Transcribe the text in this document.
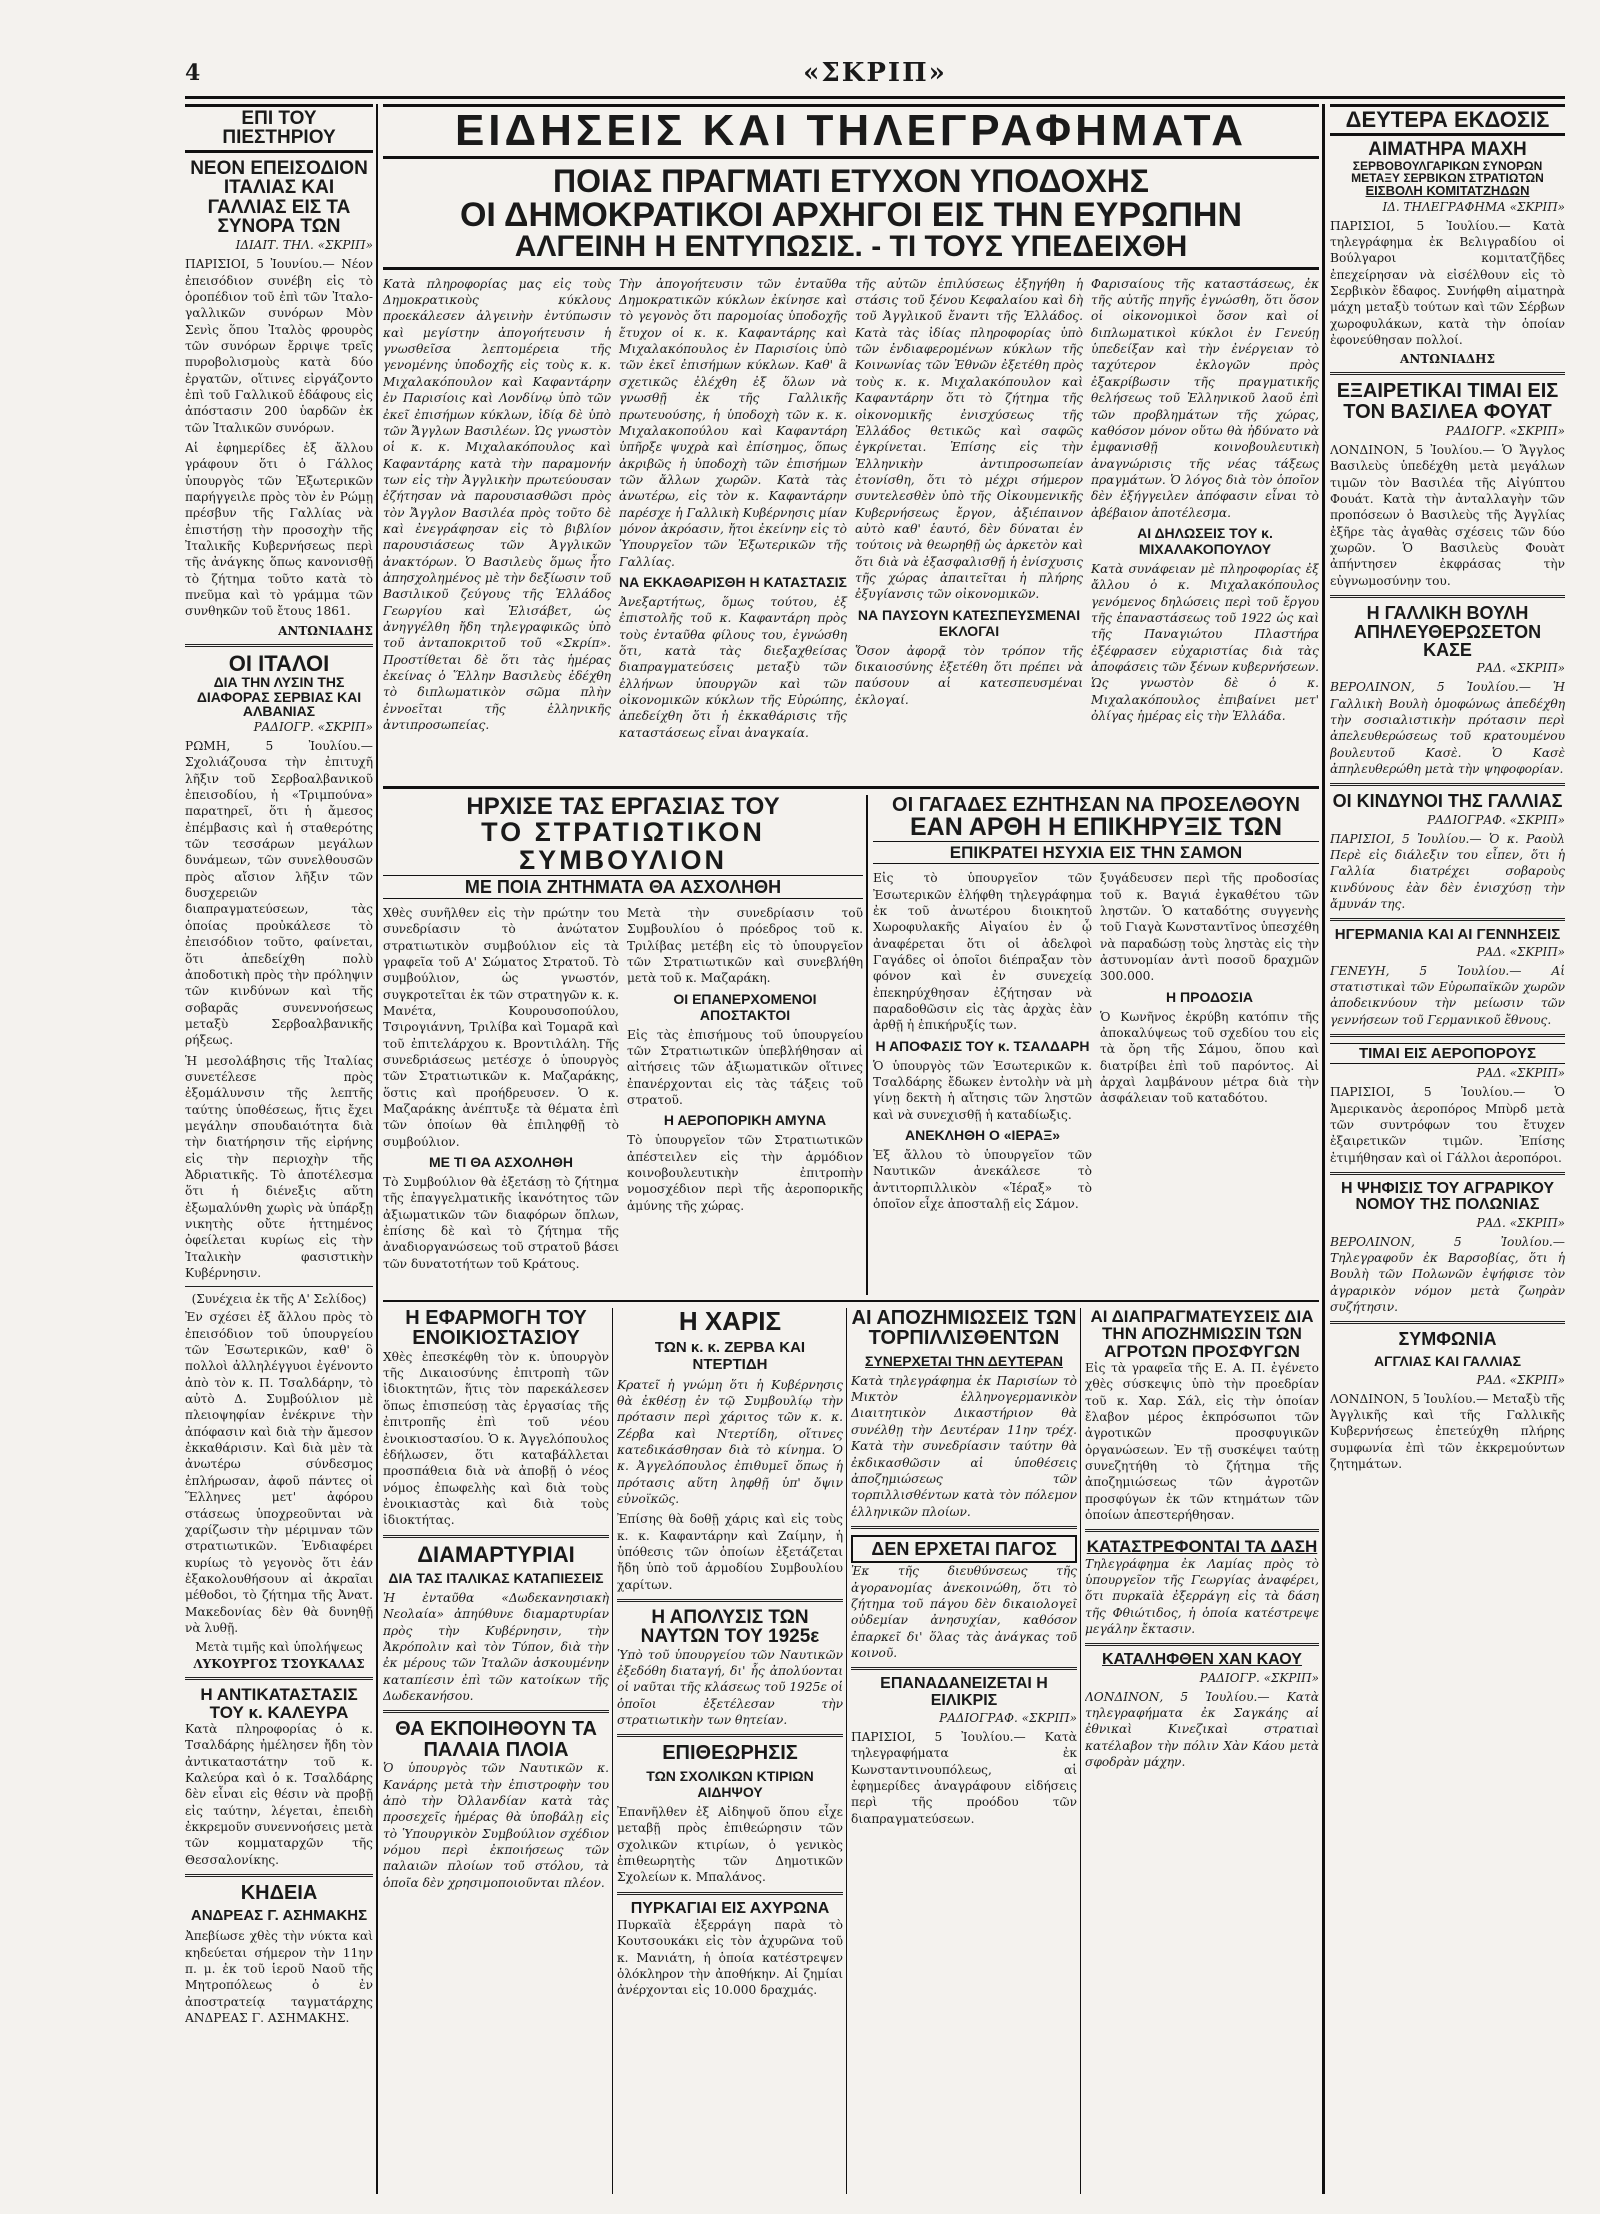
4	«ΣΚΡΙΠ»
ΕΠΙ ΤΟΥ ΠΙΕΣΤΗΡΙΟΥ
ΝΕΟΝ ΕΠΕΙΣΟΔΙΟΝ ΙΤΑΛΙΑΣ ΚΑΙ ΓΑΛΛΙΑΣ ΕΙΣ ΤΑ ΣΥΝΟΡΑ ΤΩΝ
ΙΔΙΑΙΤ. ΤΗΛ. «ΣΚΡΙΠ»

ΠΑΡΙΣΙΟΙ, 5 Ἰουνίου.— Νέον ἐπεισόδιον συνέβη εἰς τὸ ὁροπέδιον τοῦ ἐπὶ τῶν Ἰταλο-γαλλικῶν συνόρων Μὸν Σενὶς ὅπου Ἰταλὸς φρουρὸς τῶν συνόρων ἔρριψε τρεῖς πυροβολισμοὺς κατὰ δύο ἐργατῶν, οἵτινες εἰργάζοντο ἐπὶ τοῦ Γαλλικοῦ ἐδάφους εἰς ἀπόστασιν 200 ὑαρδῶν ἐκ τῶν Ἰταλικῶν συνόρων.

Αἱ ἐφημερίδες ἐξ ἄλλου γράφουν ὅτι ὁ Γάλλος ὑπουργὸς τῶν Ἐξωτερικῶν παρήγγειλε πρὸς τὸν ἐν Ρώμῃ πρέσβυν τῆς Γαλλίας νὰ ἐπιστήσῃ τὴν προσοχὴν τῆς Ἰταλικῆς Κυβερνήσεως περὶ τῆς ἀνάγκης ὅπως κανονισθῇ τὸ ζήτημα τοῦτο κατὰ τὸ πνεῦμα καὶ τὸ γράμμα τῶν συνθηκῶν τοῦ ἔτους 1861.

ΑΝΤΩΝΙΑΔΗΣ
ΟΙ ΙΤΑΛΟΙ
ΔΙΑ ΤΗΝ ΛΥΣΙΝ ΤΗΣ ΔΙΑΦΟΡΑΣ ΣΕΡΒΙΑΣ ΚΑΙ ΑΛΒΑΝΙΑΣ
ΡΑΔΙΟΓΡ. «ΣΚΡΙΠ»

ΡΩΜΗ, 5 Ἰουλίου.— Σχολιάζουσα τὴν ἐπιτυχῆ λῆξιν τοῦ Σερβοαλβανικοῦ ἐπεισοδίου, ἡ «Τριμπούνα» παρατηρεῖ, ὅτι ἡ ἄμεσος ἐπέμβασις καὶ ἡ σταθερότης τῶν τεσσάρων μεγάλων δυνάμεων, τῶν συνελθουσῶν πρὸς αἴσιον λῆξιν τῶν δυσχερειῶν διαπραγματεύσεων, τὰς ὁποίας προὐκάλεσε τὸ ἐπεισόδιον τοῦτο, φαίνεται, ὅτι ἀπεδείχθη πολὺ ἀποδοτικὴ πρὸς τὴν πρόληψιν τῶν κινδύνων καὶ τῆς σοβαρᾶς συνεννοήσεως μεταξὺ Σερβοαλβανικῆς ρήξεως.

Ἡ μεσολάβησις τῆς Ἰταλίας συνετέλεσε πρὸς ἐξομάλυνσιν τῆς λεπτῆς ταύτης ὑποθέσεως, ἥτις ἔχει μεγάλην σπουδαιότητα διὰ τὴν διατήρησιν τῆς εἰρήνης εἰς τὴν περιοχὴν τῆς Ἀδριατικῆς. Τὸ ἀποτέλεσμα ὅτι ἡ διένεξις αὕτη ἐξωμαλύνθη χωρὶς νὰ ὑπάρξῃ νικητὴς οὔτε ἡττημένος ὀφείλεται κυρίως εἰς τὴν Ἰταλικὴν φασιστικὴν Κυβέρνησιν.

(Συνέχεια ἐκ τῆς Α' Σελίδος)

Ἐν σχέσει ἐξ ἄλλου πρὸς τὸ ἐπεισόδιον τοῦ ὑπουργείου τῶν Ἐσωτερικῶν, καθ' ὃ πολλοὶ ἀλληλέγγυοι ἐγένοντο ἀπὸ τὸν κ. Π. Τσαλδάρην, τὸ αὐτὸ Δ. Συμβούλιον μὲ πλειοψηφίαν ἐνέκρινε τὴν ἀπόφασιν καὶ διὰ τὴν ἄμεσον ἐκκαθάρισιν. Καὶ διὰ μὲν τὰ ἀνωτέρω σύνδεσμος ἐπλήρωσαν, ἀφοῦ πάντες οἱ Ἕλληνες μετ' ἀφόρου στάσεως ὑποχρεοῦνται νὰ χαρίζωσιν τὴν μέριμναν τῶν στρατιωτικῶν. Ἐνδιαφέρει κυρίως τὸ γεγονὸς ὅτι ἐάν ἐξακολουθήσουν αἱ ἀκραῖαι μέθοδοι, τὸ ζήτημα τῆς Ἀνατ. Μακεδονίας δὲν θὰ δυνηθῇ νὰ λυθῇ.

Μετὰ τιμῆς καὶ ὑπολήψεως
ΛΥΚΟΥΡΓΟΣ ΤΣΟΥΚΑΛΑΣ
Η ΑΝΤΙΚΑΤΑΣΤΑΣΙΣ ΤΟΥ κ. ΚΑΛΕΥΡΑ

Κατὰ πληροφορίας ὁ κ. Τσαλδάρης ἠμέλησεν ἤδη τὸν ἀντικαταστάτην τοῦ κ. Καλεύρα καὶ ὁ κ. Τσαλδάρης δὲν εἶναι εἰς θέσιν νὰ προβῇ εἰς ταύτην, λέγεται, ἐπειδὴ ἐκκρεμοῦν συνεννοήσεις μετὰ τῶν κομματαρχῶν τῆς Θεσσαλονίκης.

ΚΗΔΕΙΑ
ΑΝΔΡΕΑΣ Γ. ΑΣΗΜΑΚΗΣ

Ἀπεβίωσε χθὲς τὴν νύκτα καὶ κηδεύεται σήμερον τὴν 11ην π. μ. ἐκ τοῦ ἱεροῦ Ναοῦ τῆς Μητροπόλεως ὁ ἐν ἀποστρατείᾳ ταγματάρχης ΑΝΔΡΕΑΣ Γ. ΑΣΗΜΑΚΗΣ.

ΕΙΔΗΣΕΙΣ ΚΑΙ ΤΗΛΕΓΡΑΦΗΜΑΤΑ
ΠΟΙΑΣ ΠΡΑΓΜΑΤΙ ΕΤΥΧΟΝ ΥΠΟΔΟΧΗΣ
ΟΙ ΔΗΜΟΚΡΑΤΙΚΟΙ ΑΡΧΗΓΟΙ ΕΙΣ ΤΗΝ ΕΥΡΩΠΗΝ
ΑΛΓΕΙΝΗ Η ΕΝΤΥΠΩΣΙΣ. - ΤΙ ΤΟΥΣ ΥΠΕΔΕΙΧΘΗ

Κατὰ πληροφορίας μας εἰς τοὺς Δημοκρατικοὺς κύκλους προεκάλεσεν ἀλγεινὴν ἐντύπωσιν καὶ μεγίστην ἀπογοήτευσιν ἡ γνωσθεῖσα λεπτομέρεια τῆς γενομένης ὑποδοχῆς εἰς τοὺς κ. κ. Μιχαλακόπουλον καὶ Καφαντάρην ἐν Παρισίοις καὶ Λονδίνῳ ὑπὸ τῶν ἐκεῖ ἐπισήμων κύκλων, ἰδίᾳ δὲ ὑπὸ τῶν Ἄγγλων Βασιλέων. Ὡς γνωστὸν οἱ κ. κ. Μιχαλακόπουλος καὶ Καφαντάρης κατὰ τὴν παραμονήν των εἰς τὴν Ἀγγλικὴν πρωτεύουσαν ἐζήτησαν νὰ παρουσιασθῶσι πρὸς τὸν Ἄγγλον Βασιλέα πρὸς τοῦτο δὲ καὶ ἐνεγράφησαν εἰς τὸ βιβλίον παρουσιάσεως τῶν Ἀγγλικῶν ἀνακτόρων. Ὁ Βασιλεὺς ὅμως ἦτο ἀπησχολημένος μὲ τὴν δεξίωσιν τοῦ Βασιλικοῦ ζεύγους τῆς Ἑλλάδος Γεωργίου καὶ Ἐλισάβετ, ὡς ἀνηγγέλθη ἤδη τηλεγραφικῶς ὑπὸ τοῦ ἀνταποκριτοῦ τοῦ «Σκρίπ». Προστίθεται δὲ ὅτι τὰς ἡμέρας ἐκείνας ὁ Ἕλλην Βασιλεὺς ἐδέχθη τὸ διπλωματικὸν σῶμα πλὴν ἐννοεῖται τῆς ἑλληνικῆς ἀντιπροσωπείας.

Τὴν ἀπογοήτευσιν τῶν ἐνταῦθα Δημοκρατικῶν κύκλων ἐκίνησε καὶ τὸ γεγονὸς ὅτι παρομοίας ὑποδοχῆς ἔτυχον οἱ κ. κ. Καφαντάρης καὶ Μιχαλακόπουλος ἐν Παρισίοις ὑπὸ τῶν ἐκεῖ ἐπισήμων κύκλων. Καθ' ἃ σχετικῶς ἐλέχθη ἐξ ὅλων νὰ γνωσθῇ ἐκ τῆς Γαλλικῆς πρωτευούσης, ἡ ὑποδοχὴ τῶν κ. κ. Μιχαλακοπούλου καὶ Καφαντάρη ὑπῆρξε ψυχρὰ καὶ ἐπίσημος, ὅπως ἀκριβῶς ἡ ὑποδοχὴ τῶν ἐπισήμων τῶν ἄλλων χωρῶν. Κατὰ τὰς ἀνωτέρω, εἰς τὸν κ. Καφαντάρην παρέσχε ἡ Γαλλικὴ Κυβέρνησις μίαν μόνον ἀκρόασιν, ἤτοι ἐκείνην εἰς τὸ Ὑπουργεῖον τῶν Ἐξωτερικῶν τῆς Γαλλίας.

ΝΑ ΕΚΚΑΘΑΡΙΣΘΗ Η ΚΑΤΑΣΤΑΣΙΣ

Ἀνεξαρτήτως, ὅμως τούτου, ἐξ ἐπιστολῆς τοῦ κ. Καφαντάρη πρὸς τοὺς ἐνταῦθα φίλους του, ἐγνώσθη ὅτι, κατὰ τὰς διεξαχθείσας διαπραγματεύσεις μεταξὺ τῶν ἐλλήνων ὑπουργῶν καὶ τῶν οἰκονομικῶν κύκλων τῆς Εὐρώπης, ἀπεδείχθη ὅτι ἡ ἐκκαθάρισις τῆς καταστάσεως εἶναι ἀναγκαία.

τῆς αὐτῶν ἐπιλύσεως ἐξηγήθη ἡ στάσις τοῦ ξένου Κεφαλαίου καὶ δὴ τοῦ Ἀγγλικοῦ ἔναντι τῆς Ἑλλάδος. Κατὰ τὰς ἰδίας πληροφορίας ὑπὸ τῶν ἐνδιαφερομένων κύκλων τῆς Κοινωνίας τῶν Ἐθνῶν ἐξετέθη πρὸς τοὺς κ. κ. Μιχαλακόπουλον καὶ Καφαντάρην ὅτι τὸ ζήτημα τῆς οἰκονομικῆς ἐνισχύσεως τῆς Ἑλλάδος θετικῶς καὶ σαφῶς ἐγκρίνεται. Ἐπίσης εἰς τὴν Ἑλληνικὴν ἀντιπροσωπείαν ἐτονίσθη, ὅτι τὸ μέχρι σήμερον συντελεσθὲν ὑπὸ τῆς Οἰκουμενικῆς Κυβερνήσεως ἔργον, ἀξιέπαινον αὐτὸ καθ' ἑαυτό, δὲν δύναται ἐν τούτοις νὰ θεωρηθῇ ὡς ἀρκετὸν καὶ ὅτι διὰ νὰ ἐξασφαλισθῇ ἡ ἐνίσχυσις τῆς χώρας ἀπαιτεῖται ἡ πλήρης ἐξυγίανσις τῶν οἰκονομικῶν.

ΝΑ ΠΑΥΣΟΥΝ ΚΑΤΕΣΠΕΥΣΜΕΝΑΙ ΕΚΛΟΓΑΙ

Ὅσον ἀφορᾷ τὸν τρόπον τῆς δικαιοσύνης ἐξετέθη ὅτι πρέπει νὰ παύσουν αἱ κατεσπευσμέναι ἐκλογαί.

Φαρισαίους τῆς καταστάσεως, ἐκ τῆς αὐτῆς πηγῆς ἐγνώσθη, ὅτι ὅσον οἱ οἰκονομικοὶ ὅσον καὶ οἱ διπλωματικοὶ κύκλοι ἐν Γενεύῃ ὑπεδείξαν καὶ τὴν ἐνέργειαν τὸ ταχύτερον ἐκλογῶν πρὸς ἐξακρίβωσιν τῆς πραγματικῆς θελήσεως τοῦ Ἑλληνικοῦ λαοῦ ἐπὶ τῶν προβλημάτων τῆς χώρας, καθόσον μόνον οὕτω θὰ ἠδύνατο νὰ ἐμφανισθῇ κοινοβουλευτικὴ ἀναγνώρισις τῆς νέας τάξεως πραγμάτων. Ὁ λόγος διὰ τὸν ὁποῖον δὲν ἐξήγγειλεν ἀπόφασιν εἶναι τὸ ἀβέβαιον ἀποτέλεσμα.

ΑΙ ΔΗΛΩΣΕΙΣ ΤΟΥ κ. ΜΙΧΑΛΑΚΟΠΟΥΛΟΥ

Κατὰ συνάφειαν μὲ πληροφορίας ἐξ ἄλλου ὁ κ. Μιχαλακόπουλος γενόμενος δηλώσεις περὶ τοῦ ἔργου τῆς ἐπαναστάσεως τοῦ 1922 ὡς καὶ τῆς Παναγιώτου Πλαστήρα ἐξέφρασεν εὐχαριστίας διὰ τὰς ἀποφάσεις τῶν ξένων κυβερνήσεων. Ὡς γνωστὸν δὲ ὁ κ. Μιχαλακόπουλος ἐπιβαίνει μετ' ὀλίγας ἡμέρας εἰς τὴν Ἑλλάδα.

ΗΡΧΙΣΕ ΤΑΣ ΕΡΓΑΣΙΑΣ ΤΟΥ
ΤΟ ΣΤΡΑΤΙΩΤΙΚΟΝ ΣΥΜΒΟΥΛΙΟΝ
ΜΕ ΠΟΙΑ ΖΗΤΗΜΑΤΑ ΘΑ ΑΣΧΟΛΗΘΗ

Χθὲς συνῆλθεν εἰς τὴν πρώτην του συνεδρίασιν τὸ ἀνώτατον στρατιωτικὸν συμβούλιον εἰς τὰ γραφεῖα τοῦ Α' Σώματος Στρατοῦ. Τὸ συμβούλιον, ὡς γνωστόν, συγκροτεῖται ἐκ τῶν στρατηγῶν κ. κ. Μανέτα, Κουρουσοπούλου, Τσιρογιάννη, Τριλίβα καὶ Τομαρᾶ καὶ τοῦ ἐπιτελάρχου κ. Βροντιλάλη. Τῆς συνεδριάσεως μετέσχε ὁ ὑπουργὸς τῶν Στρατιωτικῶν κ. Μαζαράκης, ὅστις καὶ προήδρευσεν. Ὁ κ. Μαζαράκης ἀνέπτυξε τὰ θέματα ἐπὶ τῶν ὁποίων θὰ ἐπιληφθῇ τὸ συμβούλιον.

ΜΕ ΤΙ ΘΑ ΑΣΧΟΛΗΘΗ

Τὸ Συμβούλιον θὰ ἐξετάσῃ τὸ ζήτημα τῆς ἐπαγγελματικῆς ἱκανότητος τῶν ἀξιωματικῶν τῶν διαφόρων ὅπλων, ἐπίσης δὲ καὶ τὸ ζήτημα τῆς ἀναδιοργανώσεως τοῦ στρατοῦ βάσει τῶν δυνατοτήτων τοῦ Κράτους.

Μετὰ τὴν συνεδρίασιν τοῦ Συμβουλίου ὁ πρόεδρος τοῦ κ. Τριλίβας μετέβη εἰς τὸ ὑπουργεῖον τῶν Στρατιωτικῶν καὶ συνεβλήθη μετὰ τοῦ κ. Μαζαράκη.

ΟΙ ΕΠΑΝΕΡΧΟΜΕΝΟΙ ΑΠΟΣΤΑΚΤΟΙ

Εἰς τὰς ἐπισήμους τοῦ ὑπουργείου τῶν Στρατιωτικῶν ὑπεβλήθησαν αἱ αἰτήσεις τῶν ἀξιωματικῶν οἵτινες ἐπανέρχονται εἰς τὰς τάξεις τοῦ στρατοῦ.

Η ΑΕΡΟΠΟΡΙΚΗ ΑΜΥΝΑ

Τὸ ὑπουργεῖον τῶν Στρατιωτικῶν ἀπέστειλεν εἰς τὴν ἁρμόδιον κοινοβουλευτικὴν ἐπιτροπὴν νομοσχέδιον περὶ τῆς ἀεροπορικῆς ἀμύνης τῆς χώρας.

ΟΙ ΓΑΓΑΔΕΣ ΕΖΗΤΗΣΑΝ ΝΑ ΠΡΟΣΕΛΘΟΥΝ
ΕΑΝ ΑΡΘΗ Η ΕΠΙΚΗΡΥΞΙΣ ΤΩΝ
ΕΠΙΚΡΑΤΕΙ ΗΣΥΧΙΑ ΕΙΣ ΤΗΝ ΣΑΜΟΝ

Εἰς τὸ ὑπουργεῖον τῶν Ἐσωτερικῶν ἐλήφθη τηλεγράφημα ἐκ τοῦ ἀνωτέρου διοικητοῦ Χωροφυλακῆς Αἰγαίου ἐν ᾧ ἀναφέρεται ὅτι οἱ ἀδελφοὶ Γαγάδες οἱ ὁποῖοι διέπραξαν τὸν φόνον καὶ ἐν συνεχείᾳ ἐπεκηρύχθησαν ἐζήτησαν νὰ παραδοθῶσιν εἰς τὰς ἀρχὰς ἐὰν ἀρθῇ ἡ ἐπικήρυξίς των.

Η ΑΠΟΦΑΣΙΣ ΤΟΥ κ. ΤΣΑΛΔΑΡΗ

Ὁ ὑπουργὸς τῶν Ἐσωτερικῶν κ. Τσαλδάρης ἔδωκεν ἐντολὴν νὰ μὴ γίνῃ δεκτὴ ἡ αἴτησις τῶν ληστῶν καὶ νὰ συνεχισθῇ ἡ καταδίωξις.

ΑΝΕΚΛΗΘΗ Ο «ΙΕΡΑΞ»

Ἐξ ἄλλου τὸ ὑπουργεῖον τῶν Ναυτικῶν ἀνεκάλεσε τὸ ἀντιτορπιλλικὸν «Ἱέραξ» τὸ ὁποῖον εἶχε ἀποσταλῇ εἰς Σάμον.

ξυγάδευσεν περὶ τῆς προδοσίας τοῦ κ. Βαγιά ἐγκαθέτου τῶν ληστῶν. Ὁ καταδότης συγγενὴς τοῦ Γιαγὰ Κωνσταντῖνος ὑπεσχέθη νὰ παραδώσῃ τοὺς ληστὰς εἰς τὴν ἀστυνομίαν ἀντὶ ποσοῦ δραχμῶν 300.000.

Η ΠΡΟΔΟΣΙΑ

Ὁ Κωνῆνος ἐκρύβη κατόπιν τῆς ἀποκαλύψεως τοῦ σχεδίου του εἰς τὰ ὄρη τῆς Σάμου, ὅπου καὶ διατρίβει ἐπὶ τοῦ παρόντος. Αἱ ἀρχαὶ λαμβάνουν μέτρα διὰ τὴν ἀσφάλειαν τοῦ καταδότου.

Η ΕΦΑΡΜΟΓΗ ΤΟΥ ΕΝΟΙΚΙΟΣΤΑΣΙΟΥ

Χθὲς ἐπεσκέφθη τὸν κ. ὑπουργὸν τῆς Δικαιοσύνης ἐπιτροπὴ τῶν ἰδιοκτητῶν, ἥτις τὸν παρεκάλεσεν ὅπως ἐπισπεύσῃ τὰς ἐργασίας τῆς ἐπιτροπῆς ἐπὶ τοῦ νέου ἐνοικιοστασίου. Ὁ κ. Ἀγγελόπουλος ἐδήλωσεν, ὅτι καταβάλλεται προσπάθεια διὰ νὰ ἀποβῇ ὁ νέος νόμος ἐπωφελὴς καὶ διὰ τοὺς ἐνοικιαστὰς καὶ διὰ τοὺς ἰδιοκτήτας.

ΔΙΑΜΑΡΤΥΡΙΑΙ
ΔΙΑ ΤΑΣ ΙΤΑΛΙΚΑΣ ΚΑΤΑΠΙΕΣΕΙΣ

Ἡ ἐνταῦθα «Δωδεκανησιακὴ Νεολαία» ἀπηύθυνε διαμαρτυρίαν πρὸς τὴν Κυβέρνησιν, τὴν Ἀκρόπολιν καὶ τὸν Τύπον, διὰ τὴν ἐκ μέρους τῶν Ἰταλῶν ἀσκουμένην καταπίεσιν ἐπὶ τῶν κατοίκων τῆς Δωδεκανήσου.

ΘΑ ΕΚΠΟΙΗΘΟΥΝ ΤΑ ΠΑΛΑΙΑ ΠΛΟΙΑ

Ὁ ὑπουργὸς τῶν Ναυτικῶν κ. Κανάρης μετὰ τὴν ἐπιστροφὴν του ἀπὸ τὴν Ὀλλανδίαν κατὰ τὰς προσεχεῖς ἡμέρας θὰ ὑποβάλῃ εἰς τὸ Ὑπουργικὸν Συμβούλιον σχέδιον νόμου περὶ ἐκποιήσεως τῶν παλαιῶν πλοίων τοῦ στόλου, τὰ ὁποῖα δὲν χρησιμοποιοῦνται πλέον.

Η ΧΑΡΙΣ
ΤΩΝ κ. κ. ΖΕΡΒΑ ΚΑΙ ΝΤΕΡΤΙΔΗ

Κρατεῖ ἡ γνώμη ὅτι ἡ Κυβέρνησις θὰ ἐκθέσῃ ἐν τῷ Συμβουλίῳ τὴν πρότασιν περὶ χάριτος τῶν κ. κ. Ζέρβα καὶ Ντερτίδη, οἵτινες κατεδικάσθησαν διὰ τὸ κίνημα. Ὁ κ. Ἀγγελόπουλος ἐπιθυμεῖ ὅπως ἡ πρότασις αὕτη ληφθῇ ὑπ' ὄψιν εὐνοϊκῶς.

Ἐπίσης θὰ δοθῇ χάρις καὶ εἰς τοὺς κ. κ. Καφαντάρην καὶ Ζαίμην, ἡ ὑπόθεσις τῶν ὁποίων ἐξετάζεται ἤδη ὑπὸ τοῦ ἁρμοδίου Συμβουλίου χαρίτων.

Η ΑΠΟΛΥΣΙΣ ΤΩΝ ΝΑΥΤΩΝ ΤΟΥ 1925ε

Ὑπὸ τοῦ ὑπουργείου τῶν Ναυτικῶν ἐξεδόθη διαταγή, δι' ἧς ἀπολύονται οἱ ναῦται τῆς κλάσεως τοῦ 1925ε οἱ ὁποῖοι ἐξετέλεσαν τὴν στρατιωτικὴν των θητείαν.

ΕΠΙΘΕΩΡΗΣΙΣ
ΤΩΝ ΣΧΟΛΙΚΩΝ ΚΤΙΡΙΩΝ ΑΙΔΗΨΟΥ

Ἐπανῆλθεν ἐξ Αἰδηψοῦ ὅπου εἶχε μεταβῇ πρὸς ἐπιθεώρησιν τῶν σχολικῶν κτιρίων, ὁ γενικὸς ἐπιθεωρητὴς τῶν Δημοτικῶν Σχολείων κ. Μπαλάνος.

ΠΥΡΚΑΓΙΑΙ ΕΙΣ ΑΧΥΡΩΝΑ

Πυρκαϊὰ ἐξερράγη παρὰ τὸ Κουτσουκάκι εἰς τὸν ἀχυρῶνα τοῦ κ. Μανιάτη, ἡ ὁποία κατέστρεψεν ὁλόκληρον τὴν ἀποθήκην. Αἱ ζημίαι ἀνέρχονται εἰς 10.000 δραχμάς.

ΑΙ ΑΠΟΖΗΜΙΩΣΕΙΣ ΤΩΝ ΤΟΡΠΙΛΛΙΣΘΕΝΤΩΝ
ΣΥΝΕΡΧΕΤΑΙ ΤΗΝ ΔΕΥΤΕΡΑΝ

Κατὰ τηλεγράφημα ἐκ Παρισίων τὸ Μικτὸν ἑλληνογερμανικὸν Διαιτητικὸν Δικαστήριον θὰ συνέλθῃ τὴν Δευτέραν 11ην τρέχ. Κατὰ τὴν συνεδρίασιν ταύτην θὰ ἐκδικασθῶσιν αἱ ὑποθέσεις ἀποζημιώσεως τῶν τορπιλλισθέντων κατὰ τὸν πόλεμον ἑλληνικῶν πλοίων.

ΔΕΝ ΕΡΧΕΤΑΙ ΠΑΓΟΣ

Ἐκ τῆς διευθύνσεως τῆς ἀγορανομίας ἀνεκοινώθη, ὅτι τὸ ζήτημα τοῦ πάγου δὲν δικαιολογεῖ οὐδεμίαν ἀνησυχίαν, καθόσον ἐπαρκεῖ δι' ὅλας τὰς ἀνάγκας τοῦ κοινοῦ.

ΕΠΑΝΑΔΑΝΕΙΖΕΤΑΙ Η ΕΙΛΙΚΡΙΣ
ΡΑΔΙΟΓΡΑΦ. «ΣΚΡΙΠ»

ΠΑΡΙΣΙΟΙ, 5 Ἰουλίου.— Κατὰ τηλεγραφήματα ἐκ Κωνσταντινουπόλεως, αἱ ἐφημερίδες ἀναγράφουν εἰδήσεις περὶ τῆς προόδου τῶν διαπραγματεύσεων.

ΑΙ ΔΙΑΠΡΑΓΜΑΤΕΥΣΕΙΣ ΔΙΑ ΤΗΝ ΑΠΟΖΗΜΙΩΣΙΝ ΤΩΝ ΑΓΡΟΤΩΝ ΠΡΟΣΦΥΓΩΝ

Εἰς τὰ γραφεῖα τῆς Ε. Α. Π. ἐγένετο χθὲς σύσκεψις ὑπὸ τὴν προεδρίαν τοῦ κ. Χαρ. Σάλ, εἰς τὴν ὁποίαν ἔλαβον μέρος ἐκπρόσωποι τῶν ἀγροτικῶν προσφυγικῶν ὀργανώσεων. Ἐν τῇ συσκέψει ταύτῃ συνεζητήθη τὸ ζήτημα τῆς ἀποζημιώσεως τῶν ἀγροτῶν προσφύγων ἐκ τῶν κτημάτων τῶν ὁποίων ἀπεστερήθησαν.

ΚΑΤΑΣΤΡΕΦΟΝΤΑΙ ΤΑ ΔΑΣΗ

Τηλεγράφημα ἐκ Λαμίας πρὸς τὸ ὑπουργεῖον τῆς Γεωργίας ἀναφέρει, ὅτι πυρκαϊὰ ἐξερράγη εἰς τὰ δάση τῆς Φθιώτιδος, ἡ ὁποία κατέστρεψε μεγάλην ἔκτασιν.

ΚΑΤΑΛΗΦΘΕΝ ΧΑΝ ΚΑΟΥ
ΡΑΔΙΟΓΡ. «ΣΚΡΙΠ»

ΛΟΝΔΙΝΟΝ, 5 Ἰουλίου.— Κατὰ τηλεγραφήματα ἐκ Σαγκάης αἱ ἐθνικαὶ Κινεζικαὶ στρατιαὶ κατέλαβον τὴν πόλιν Χὰν Κάου μετὰ σφοδρὰν μάχην.

ΔΕΥΤΕΡΑ ΕΚΔΟΣΙΣ
ΑΙΜΑΤΗΡΑ ΜΑΧΗ
ΣΕΡΒΟΒΟΥΛΓΑΡΙΚΩΝ ΣΥΝΟΡΩΝ ΜΕΤΑΞΥ ΣΕΡΒΙΚΩΝ ΣΤΡΑΤΙΩΤΩΝ
ΕΙΣΒΟΛΗ ΚΟΜΙΤΑΤΖΗΔΩΝ
ΙΔ. ΤΗΛΕΓΡΑΦΗΜΑ «ΣΚΡΙΠ»

ΠΑΡΙΣΙΟΙ, 5 Ἰουλίου.— Κατὰ τηλεγράφημα ἐκ Βελιγραδίου οἱ Βούλγαροι κομιτατζῆδες ἐπεχείρησαν νὰ εἰσέλθουν εἰς τὸ Σερβικὸν ἔδαφος. Συνήφθη αἱματηρὰ μάχη μεταξὺ τούτων καὶ τῶν Σέρβων χωροφυλάκων, κατὰ τὴν ὁποίαν ἐφονεύθησαν πολλοί.

ΑΝΤΩΝΙΑΔΗΣ
ΕΞΑΙΡΕΤΙΚΑΙ ΤΙΜΑΙ ΕΙΣ ΤΟΝ ΒΑΣΙΛΕΑ ΦΟΥΑΤ
ΡΑΔΙΟΓΡ. «ΣΚΡΙΠ»

ΛΟΝΔΙΝΟΝ, 5 Ἰουλίου.— Ὁ Ἄγγλος Βασιλεὺς ὑπεδέχθη μετὰ μεγάλων τιμῶν τὸν Βασιλέα τῆς Αἰγύπτου Φουάτ. Κατὰ τὴν ἀνταλλαγὴν τῶν προπόσεων ὁ Βασιλεὺς τῆς Ἀγγλίας ἐξῆρε τὰς ἀγαθὰς σχέσεις τῶν δύο χωρῶν. Ὁ Βασιλεὺς Φουὰτ ἀπήντησεν ἐκφράσας τὴν εὐγνωμοσύνην του.

Η ΓΑΛΛΙΚΗ ΒΟΥΛΗ ΑΠΗΛΕΥΘΕΡΩΣΕΤΟΝ ΚΑΣΕ
ΡΑΔ. «ΣΚΡΙΠ»

ΒΕΡΟΛΙΝΟΝ, 5 Ἰουλίου.— Ἡ Γαλλικὴ Βουλὴ ὁμοφώνως ἀπεδέχθη τὴν σοσιαλιστικὴν πρότασιν περὶ ἀπελευθερώσεως τοῦ κρατουμένου βουλευτοῦ Κασὲ. Ὁ Κασὲ ἀπηλευθερώθη μετὰ τὴν ψηφοφορίαν.

ΟΙ ΚΙΝΔΥΝΟΙ ΤΗΣ ΓΑΛΛΙΑΣ
ΡΑΔΙΟΓΡΑΦ. «ΣΚΡΙΠ»

ΠΑΡΙΣΙΟΙ, 5 Ἰουλίου.— Ὁ κ. Ραοὺλ Περὲ εἰς διάλεξιν του εἶπεν, ὅτι ἡ Γαλλία διατρέχει σοβαροὺς κινδύνους ἐὰν δὲν ἐνισχύσῃ τὴν ἄμυνάν της.

ΗΓΕΡΜΑΝΙΑ ΚΑΙ ΑΙ ΓΕΝΝΗΣΕΙΣ
ΡΑΔ. «ΣΚΡΙΠ»

ΓΕΝΕΥΗ, 5 Ἰουλίου.— Αἱ στατιστικαὶ τῶν Εὐρωπαϊκῶν χωρῶν ἀποδεικνύουν τὴν μείωσιν τῶν γεννήσεων τοῦ Γερμανικοῦ ἔθνους.

ΤΙΜΑΙ ΕΙΣ ΑΕΡΟΠΟΡΟΥΣ
ΡΑΔ. «ΣΚΡΙΠ»

ΠΑΡΙΣΙΟΙ, 5 Ἰουλίου.— Ὁ Ἀμερικανὸς ἀεροπόρος Μπὺρδ μετὰ τῶν συντρόφων του ἔτυχεν ἐξαιρετικῶν τιμῶν. Ἐπίσης ἐτιμήθησαν καὶ οἱ Γάλλοι ἀεροπόροι.

Η ΨΗΦΙΣΙΣ ΤΟΥ ΑΓΡΑΡΙΚΟΥ ΝΟΜΟΥ ΤΗΣ ΠΟΛΩΝΙΑΣ
ΡΑΔ. «ΣΚΡΙΠ»

ΒΕΡΟΛΙΝΟΝ, 5 Ἰουλίου.— Τηλεγραφοῦν ἐκ Βαρσοβίας, ὅτι ἡ Βουλὴ τῶν Πολωνῶν ἐψήφισε τὸν ἀγραρικὸν νόμον μετὰ ζωηρὰν συζήτησιν.

ΣΥΜΦΩΝΙΑ
ΑΓΓΛΙΑΣ ΚΑΙ ΓΑΛΛΙΑΣ
ΡΑΔ. «ΣΚΡΙΠ»

ΛΟΝΔΙΝΟΝ, 5 Ἰουλίου.— Μεταξὺ τῆς Ἀγγλικῆς καὶ τῆς Γαλλικῆς Κυβερνήσεως ἐπετεύχθη πλήρης συμφωνία ἐπὶ τῶν ἐκκρεμούντων ζητημάτων.
